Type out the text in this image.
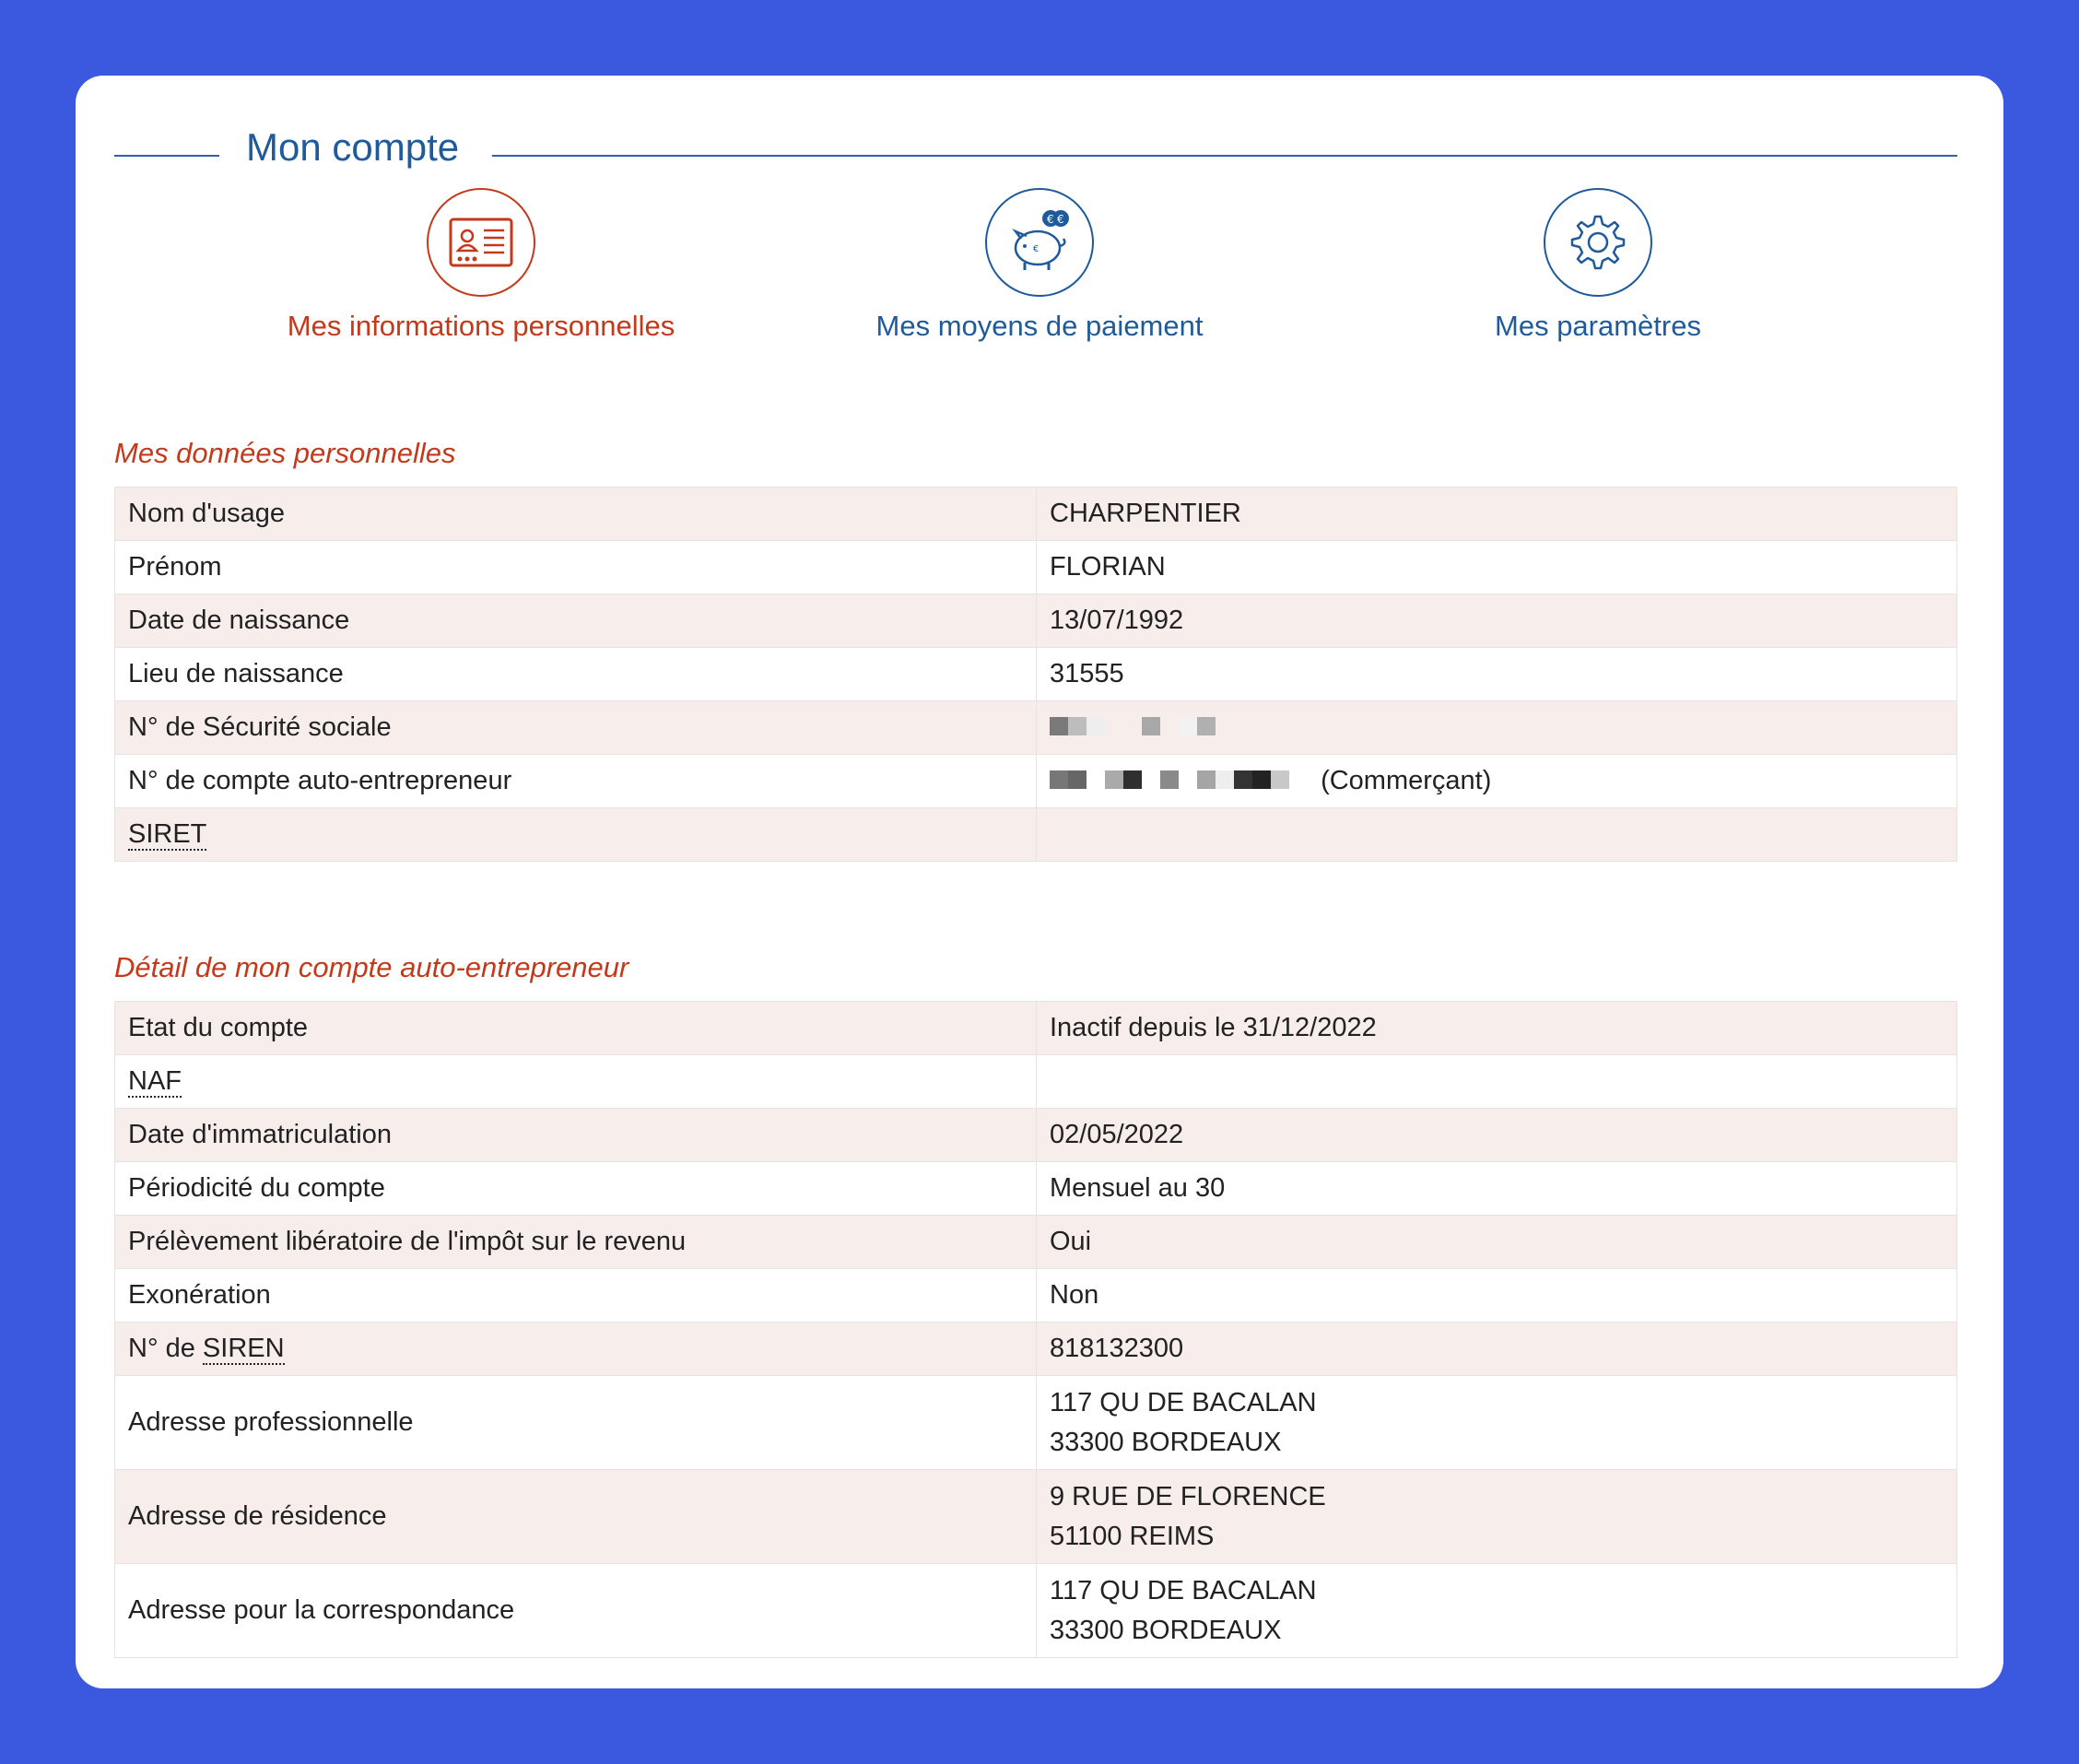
Mon compte
Mes informations personnelles
€ €
€
Mes moyens de paiement	Mes paramètres
Mes données personnelles
Nom d'usage	CHARPENTIER
Prénom	FLORIAN
Date de naissance	13/07/1992
Lieu de naissance	31555
N° de Sécurité sociale	

N° de compte auto-entrepreneur	(Commerçant)
SIRET	
Détail de mon compte auto-entrepreneur
Etat du compte	Inactif depuis le 31/12/2022
NAF	
Date d'immatriculation	02/05/2022
Périodicité du compte	Mensuel au 30
Prélèvement libératoire de l'impôt sur le revenu	Oui
Exonération	Non
N° de SIREN	818132300
Adresse professionnelle	117 QU DE BACALAN
33300 BORDEAUX

Adresse de résidence	9 RUE DE FLORENCE
51100 REIMS

Adresse pour la correspondance	117 QU DE BACALAN
33300 BORDEAUX
